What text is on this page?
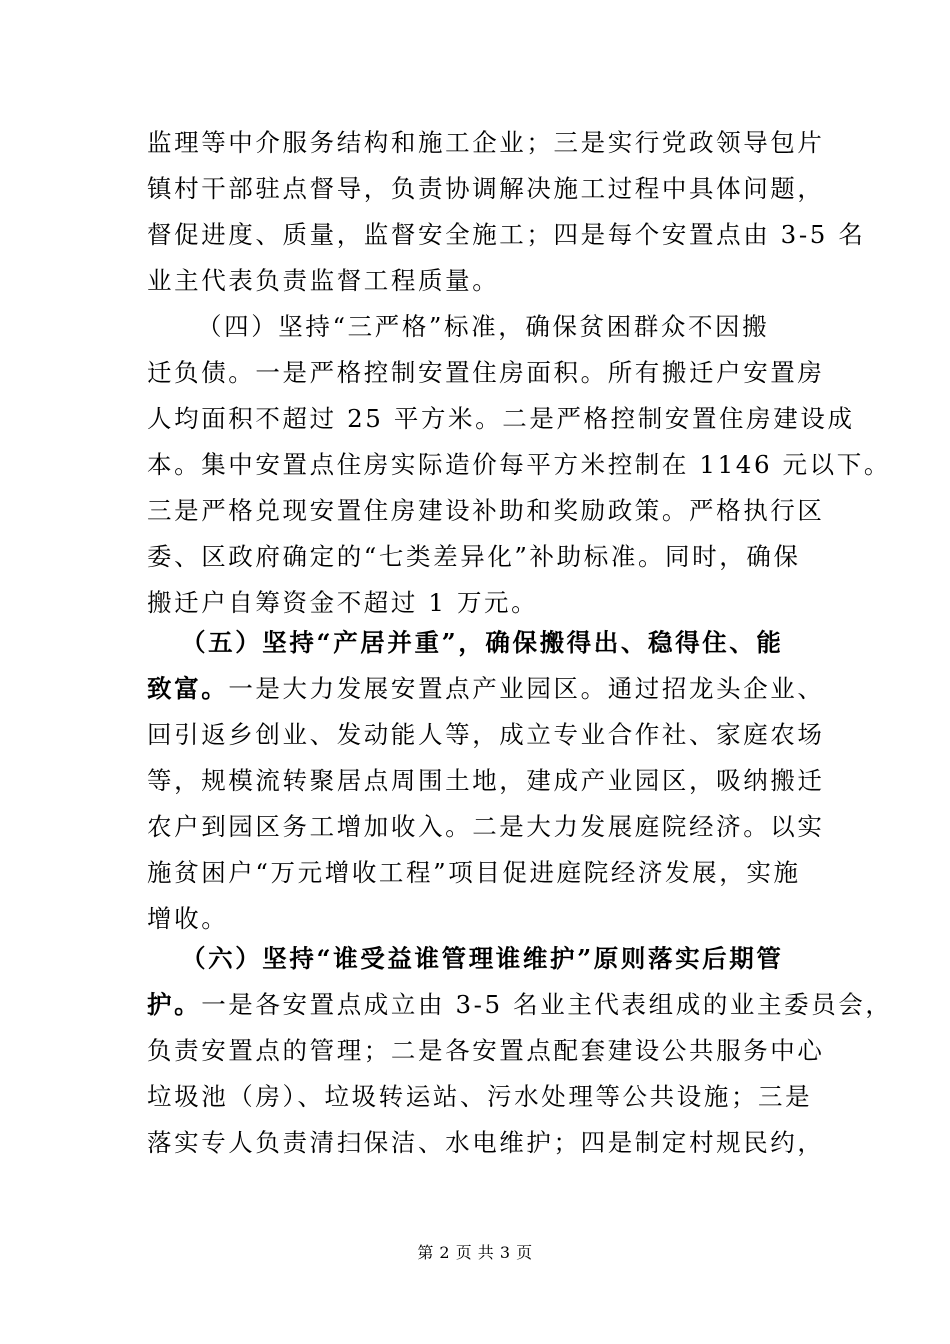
监理等中介服务结构和施工企业；三是实行党政领导包片
镇村干部驻点督导，负责协调解决施工过程中具体问题，
督促进度、质量，监督安全施工；四是每个安置点由 3-5 名
业主代表负责监督工程质量。
（四）坚持“三严格”标准，确保贫困群众不因搬
迁负债。一是严格控制安置住房面积。所有搬迁户安置房
人均面积不超过 25 平方米。二是严格控制安置住房建设成
本。集中安置点住房实际造价每平方米控制在 1146 元以下。
三是严格兑现安置住房建设补助和奖励政策。严格执行区
委、区政府确定的“七类差异化”补助标准。同时，确保
搬迁户自筹资金不超过 1 万元。
（五）坚持“产居并重”，确保搬得出、稳得住、能
致富。一是大力发展安置点产业园区。通过招龙头企业、
回引返乡创业、发动能人等，成立专业合作社、家庭农场
等，规模流转聚居点周围土地，建成产业园区，吸纳搬迁
农户到园区务工增加收入。二是大力发展庭院经济。以实
施贫困户“万元增收工程”项目促进庭院经济发展，实施
增收。
（六）坚持“谁受益谁管理谁维护”原则落实后期管
护。一是各安置点成立由 3-5 名业主代表组成的业主委员会，
负责安置点的管理；二是各安置点配套建设公共服务中心
垃圾池（房）、垃圾转运站、污水处理等公共设施；三是
落实专人负责清扫保洁、水电维护；四是制定村规民约，
第 2 页 共 3 页
